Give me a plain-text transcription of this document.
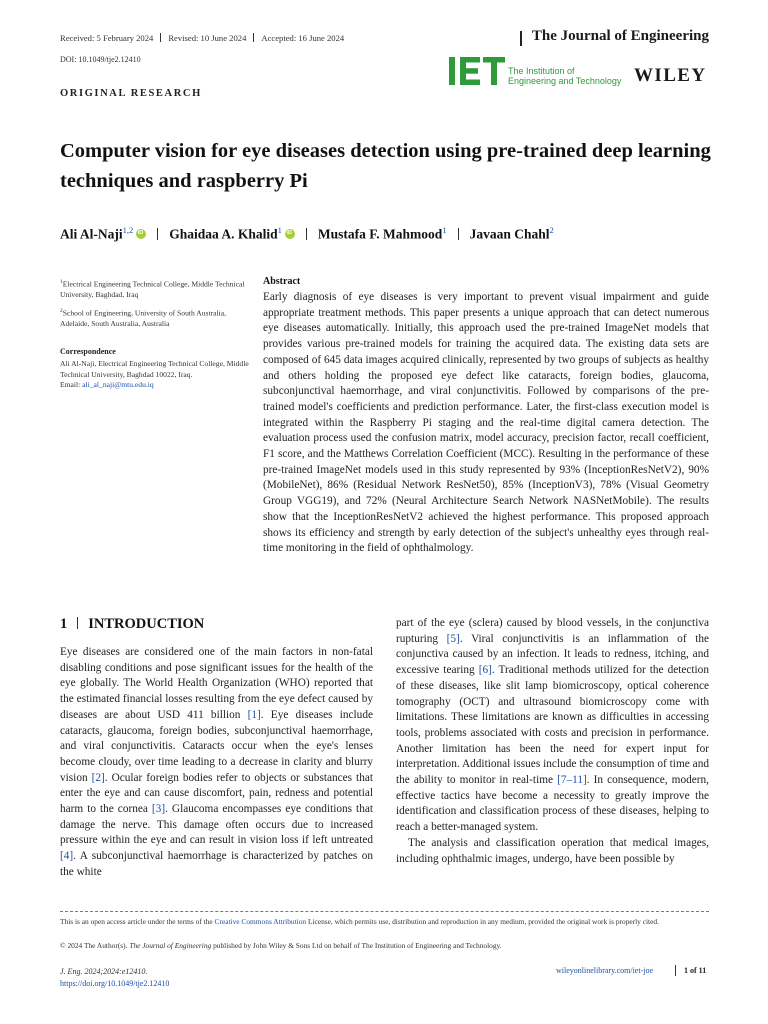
Received: 5 February 2024 Revised: 10 June 2024 Accepted: 16 June 2024
DOI: 10.1049/tje2.12410
ORIGINAL RESEARCH
The Journal of Engineering
The Institution of
Engineering and Technology WILEY
Computer vision for eye diseases detection using pre-trained deep learning techniques and raspberry Pi
Ali Al-Naji$^{1,2}$ iD	Ghaidaa A. Khalid$^1$ iD	Mustafa F. Mahmood$^1$ Javaan Chahl$^2$
$^1$Electrical Engineering Technical College, Middle Technical University, Baghdad, Iraq
$^2$School of Engineering, University of South Australia, Adelaide, South Australia, Australia
Correspondence
Ali Al-Naji, Electrical Engineering Technical College, Middle Technical University, Baghdad 10022, Iraq.
Email: ali_al_naji@mtu.edu.iq
Abstract

Early diagnosis of eye diseases is very important to prevent visual impairment and guide appropriate treatment methods. This paper presents a unique approach that can detect numerous eye diseases automatically. Initially, this approach used the pre-trained ImageNet models that provides various pre-trained models for training the acquired data. The existing data sets are composed of 645 data images acquired clinically, represented by two groups of subjects as healthy and others holding the proposed eye defect like cataracts, foreign bodies, glaucoma, subconjunctival haemorrhage, and viral conjunctivitis. Followed by comparisons of the pre-trained model's coefficients and prediction performance. Later, the first-class execution model is integrated within the Raspberry Pi staging and the real-time digital camera detection. The evaluation process used the confusion matrix, model accuracy, precision factor, recall coefficient, F1 score, and the Matthews Correlation Coefficient (MCC). Resulting in the performance of these pre-trained ImageNet models used in this study represented by 93% (InceptionResNetV2), 90% (MobileNet), 86% (Residual Network ResNet50), 85% (InceptionV3), 78% (Visual Geometry Group VGG19), and 72% (Neural Architecture Search Network NASNetMobile). The results show that the InceptionResNetV2 achieved the highest performance. This proposed approach shows its efficiency and strength by early detection of the subject's unhealthy eyes through real-time monitoring in the field of ophthalmology.

1 INTRODUCTION

Eye diseases are considered one of the main factors in non-fatal disabling conditions and pose significant issues for the health of the eye globally. The World Health Organization (WHO) reported that the estimated financial losses resulting from the eye defect caused by diseases are about USD 411 billion [1]. Eye diseases include cataracts, glaucoma, foreign bodies, subconjunctival haemorrhage, and viral conjunctivitis. Cataracts occur when the eye's lenses become cloudy, over time leading to a decrease in clarity and blurry vision [2]. Ocular foreign bodies refer to objects or substances that enter the eye and can cause discomfort, pain, redness and potential harm to the cornea [3]. Glaucoma encompasses eye conditions that damage the nerve. This damage often occurs due to increased pressure within the eye and can result in vision loss if left untreated [4]. A subconjunctival haemorrhage is characterized by patches on the white

part of the eye (sclera) caused by blood vessels, in the conjunctiva rupturing [5]. Viral conjunctivitis is an inflammation of the conjunctiva caused by an infection. It leads to redness, itching, and excessive tearing [6]. Traditional methods utilized for the detection of these diseases, like slit lamp biomicroscopy, optical coherence tomography (OCT) and ultrasound biomicroscopy come with limitations. These limitations are known as difficulties in accessing tools, problems associated with costs and precision in performance. Another limitation has been the need for expert input for interpretation. Additional issues include the consumption of time and the ability to monitor in real-time [7–11]. In consequence, modern, effective tactics have become a necessity to greatly improve the identification and classification process of these diseases, helping to reach a better-managed system.

The analysis and classification operation that medical images, including ophthalmic images, undergo, have been possible by
This is an open access article under the terms of the Creative Commons Attribution License, which permits use, distribution and reproduction in any medium, provided the original work is properly cited.
© 2024 The Author(s). The Journal of Engineering published by John Wiley & Sons Ltd on behalf of The Institution of Engineering and Technology.
J. Eng. 2024;2024:e12410.
https://doi.org/10.1049/tje2.12410
wileyonlinelibrary.com/iet-joe	1 of 11
